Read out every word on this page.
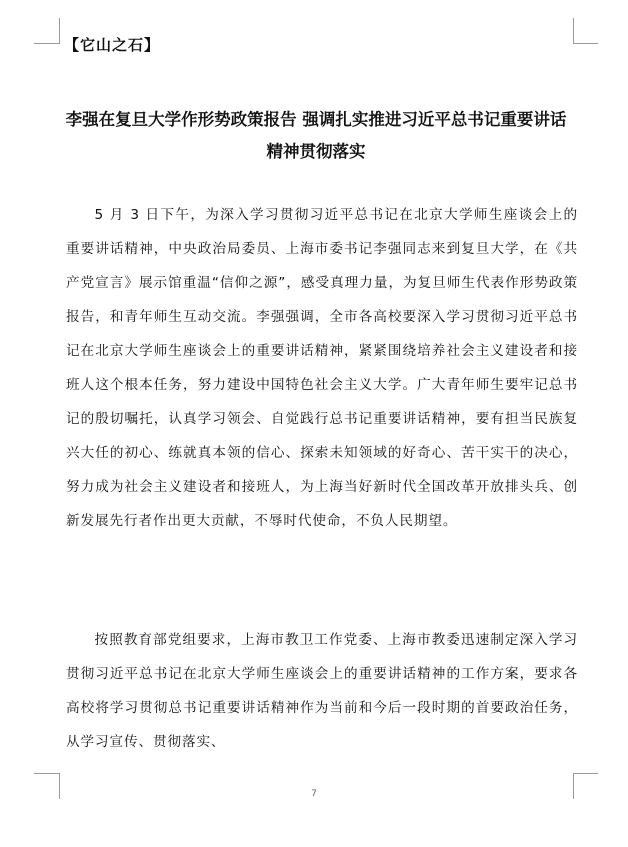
【它山之石】
李强在复旦大学作形势政策报告 强调扎实推进习近平总书记重要讲话精神贯彻落实
5 月 3 日下午，为深入学习贯彻习近平总书记在北京大学师生座谈会上的重要讲话精神，中央政治局委员、上海市委书记李强同志来到复旦大学，在《共产党宣言》展示馆重温“信仰之源”，感受真理力量，为复旦师生代表作形势政策报告，和青年师生互动交流。李强强调，全市各高校要深入学习贯彻习近平总书记在北京大学师生座谈会上的重要讲话精神，紧紧围绕培养社会主义建设者和接班人这个根本任务，努力建设中国特色社会主义大学。广大青年师生要牢记总书记的殷切嘱托，认真学习领会、自觉践行总书记重要讲话精神，要有担当民族复兴大任的初心、练就真本领的信心、探索未知领域的好奇心、苦干实干的决心，努力成为社会主义建设者和接班人，为上海当好新时代全国改革开放排头兵、创新发展先行者作出更大贡献，不辱时代使命，不负人民期望。
按照教育部党组要求，上海市教卫工作党委、上海市教委迅速制定深入学习贯彻习近平总书记在北京大学师生座谈会上的重要讲话精神的工作方案，要求各高校将学习贯彻总书记重要讲话精神作为当前和今后一段时期的首要政治任务，从学习宣传、贯彻落实、
7
